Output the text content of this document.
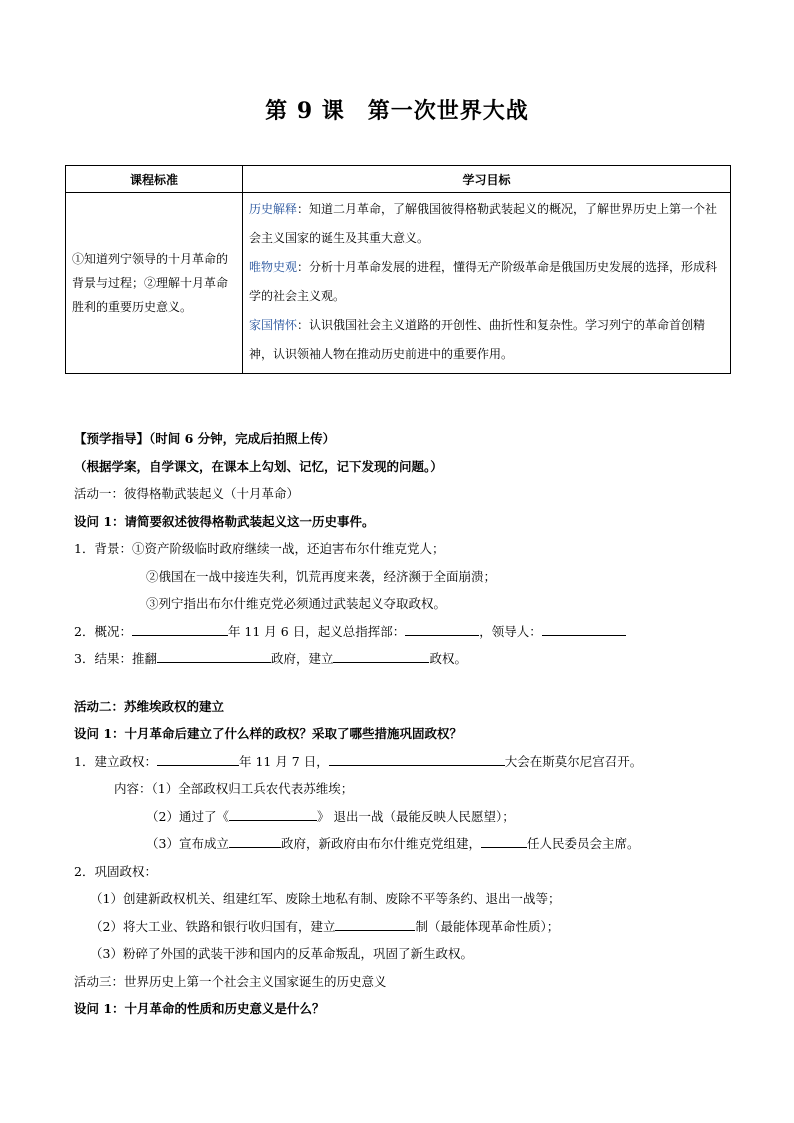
第 9 课　第一次世界大战
课程标准	学习目标
①知道列宁领导的十月革命的背景与过程；②理解十月革命胜利的重要历史意义。	历史解释：知道二月革命，了解俄国彼得格勒武装起义的概况，了解世界历史上第一个社会主义国家的诞生及其重大意义。
唯物史观：分析十月革命发展的进程，懂得无产阶级革命是俄国历史发展的选择，形成科学的社会主义观。
家国情怀：认识俄国社会主义道路的开创性、曲折性和复杂性。学习列宁的革命首创精神，认识领袖人物在推动历史前进中的重要作用。
【预学指导】（时间 6 分钟，完成后拍照上传）
（根据学案，自学课文，在课本上勾划、记忆，记下发现的问题。）
活动一：彼得格勒武装起义（十月革命）
设问 1：请简要叙述彼得格勒武装起义这一历史事件。
1．背景：①资产阶级临时政府继续一战，还迫害布尔什维克党人；
②俄国在一战中接连失利，饥荒再度来袭，经济濒于全面崩溃；
③列宁指出布尔什维克党必须通过武装起义夺取政权。
2．概况：	年 11 月 6 日，起义总指挥部：	，领导人：
3．结果：推翻	政府，建立	政权。
活动二：苏维埃政权的建立
设问 1：十月革命后建立了什么样的政权？采取了哪些措施巩固政权？
1．建立政权：	年 11 月 7 日，	大会在斯莫尔尼宫召开。
内容：（1）全部政权归工兵农代表苏维埃；
（2）通过了《	》 退出一战（最能反映人民愿望）；
（3）宣布成立	政府，新政府由布尔什维克党组建，	任人民委员会主席。
2．巩固政权：
（1）创建新政权机关、组建红军、废除土地私有制、废除不平等条约、退出一战等；
（2）将大工业、铁路和银行收归国有，建立	制（最能体现革命性质）；
（3）粉碎了外国的武装干涉和国内的反革命叛乱，巩固了新生政权。
活动三：世界历史上第一个社会主义国家诞生的历史意义
设问 1：十月革命的性质和历史意义是什么？
